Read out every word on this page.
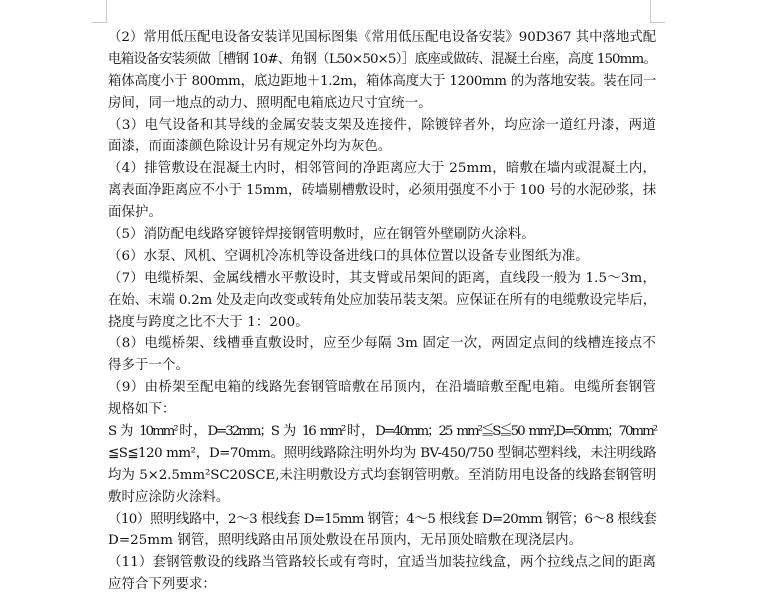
（2）常用低压配电设备安装详见国标图集《常用低压配电设备安装》90D367 其中落地式配
电箱设备安装须做［槽钢 10#、角钢（L50×50×5）］底座或做砖、混凝土台座，高度 150mm。
箱体高度小于 800mm，底边距地＋1.2m，箱体高度大于 1200mm 的为落地安装。装在同一
房间，同一地点的动力、照明配电箱底边尺寸宜统一。
（3）电气设备和其导线的金属安装支架及连接件，除镀锌者外，均应涂一道红丹漆，两道
面漆，而面漆颜色除设计另有规定外均为灰色。
（4）排管敷设在混凝土内时，相邻管间的净距离应大于 25mm，暗敷在墙内或混凝土内，
离表面净距离应不小于 15mm，砖墙剔槽敷设时，必须用强度不小于 100 号的水泥砂浆，抹
面保护。
（5）消防配电线路穿镀锌焊接钢管明敷时，应在钢管外壁刷防火涂料。
（6）水泵、风机、空调机冷冻机等设备进线口的具体位置以设备专业图纸为准。
（7）电缆桥架、金属线槽水平敷设时，其支臂或吊架间的距离，直线段一般为 1.5～3m，
在始、末端 0.2m 处及走向改变或转角处应加装吊装支架。应保证在所有的电缆敷设完毕后，
挠度与跨度之比不大于 1：200。
（8）电缆桥架、线槽垂直敷设时，应至少每隔 3m 固定一次，两固定点间的线槽连接点不
得多于一个。
（9）由桥架至配电箱的线路先套钢管暗敷在吊顶内，在沿墙暗敷至配电箱。电缆所套钢管
规格如下：
S 为 10mm²时，D=32mm；S 为 16 mm²时，D=40mm；25 mm²≦S≦50 mm²,D=50mm；70mm²
≦S≦120 mm²，D=70mm。照明线路除注明外均为 BV-450/750 型铜芯塑料线，未注明线路
均为 5×2.5mm²SC20SCE,未注明敷设方式均套钢管明敷。至消防用电设备的线路套钢管明
敷时应涂防火涂料。
（10）照明线路中，2～3 根线套 D=15mm 钢管；4～5 根线套 D=20mm 钢管；6～8 根线套
D=25mm 钢管，照明线路由吊顶处敷设在吊顶内，无吊顶处暗敷在现浇层内。
（11）套钢管敷设的线路当管路较长或有弯时，宜适当加装拉线盒，两个拉线点之间的距离
应符合下列要求：
